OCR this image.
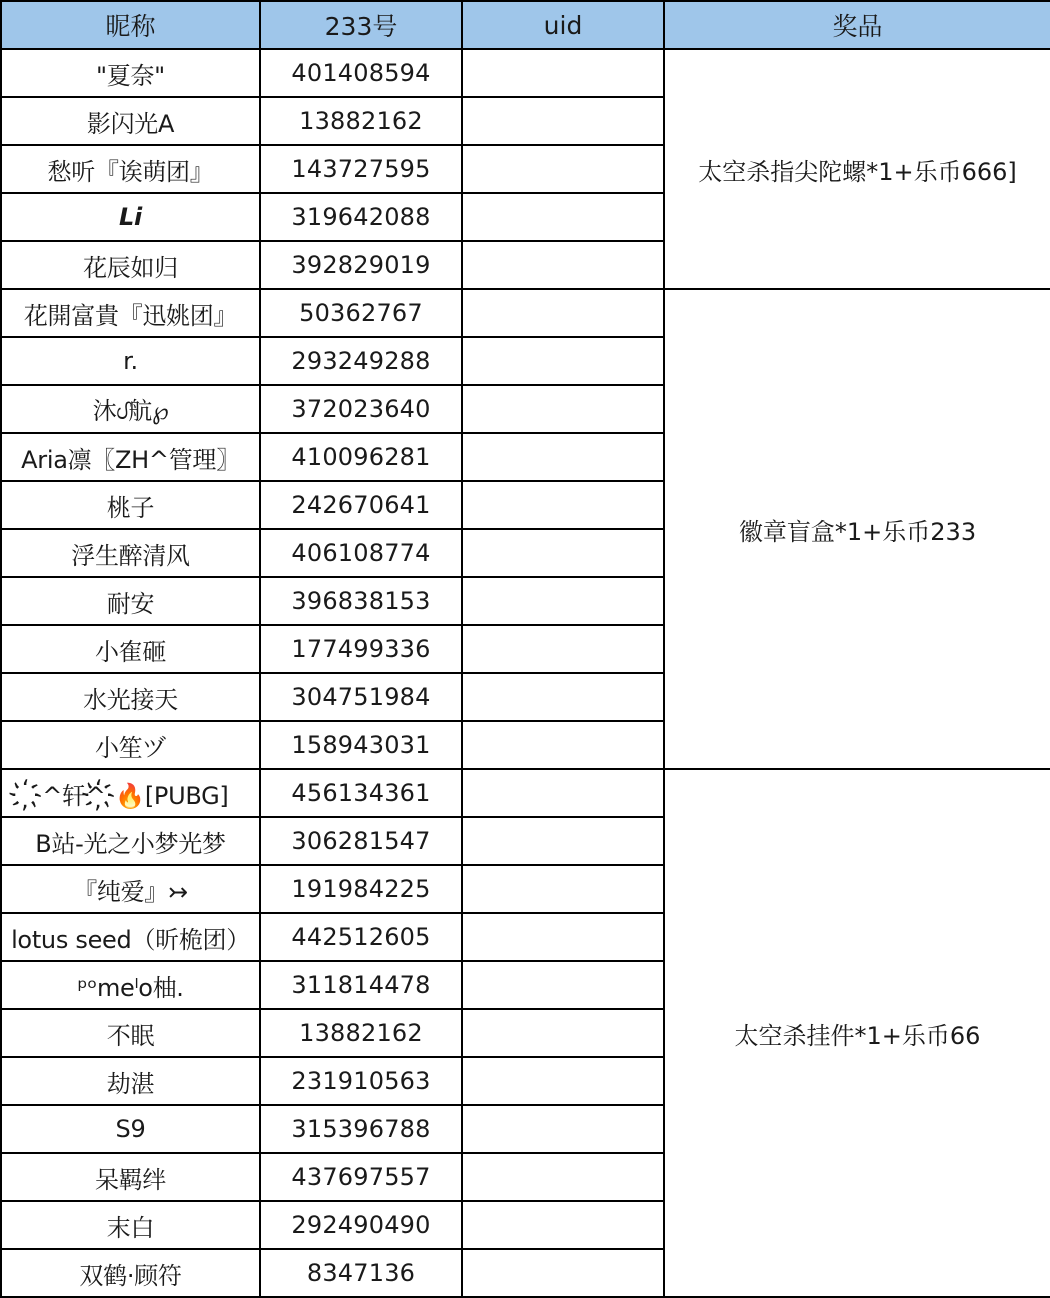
昵称	233号	uid	奖品
"夏奈"	401408594		太空杀指尖陀螺*1+乐币666]
影闪光A	13882162		
愁听『诶萌团』	143727595		
Li	319642088		
花辰如归	392829019		
花開富貴『迅姚团』	50362767		徽章盲盒*1+乐币233
r.	293249288		
沐ᦔ航℘	372023640		
Aria凛〖ZH^管理〗	410096281		
桃子	242670641		
浮生醉清风	406108774		
耐安	396838153		
小隺砸	177499336		
水光接天	304751984		
小笙ヅ	158943031		
҉^轩^҉🔥[PUBG]	456134361		太空杀挂件*1+乐币66
B站-光之小梦光梦	306281547		
『纯爱』↣	191984225		
lotus seed（昕桅团）	442512605		
ᵖᵒmeˡo柚.	311814478		
不眠	13882162		
劫湛	231910563		
S9	315396788		
呆羁绊	437697557		
末白	292490490		
双鹤·顾符	8347136		
